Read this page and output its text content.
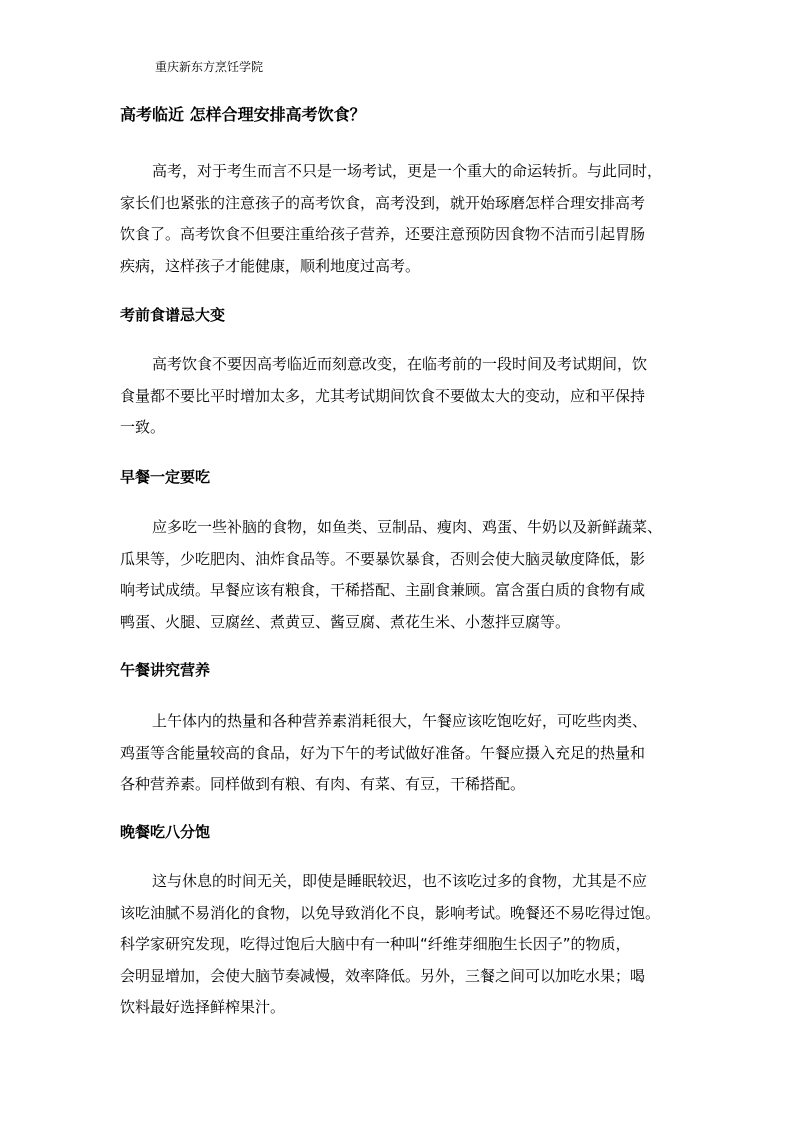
重庆新东方烹饪学院
高考临近 怎样合理安排高考饮食？
高考，对于考生而言不只是一场考试，更是一个重大的命运转折。与此同时，
家长们也紧张的注意孩子的高考饮食，高考没到，就开始琢磨怎样合理安排高考
饮食了。高考饮食不但要注重给孩子营养，还要注意预防因食物不洁而引起胃肠
疾病，这样孩子才能健康，顺利地度过高考。
考前食谱忌大变
高考饮食不要因高考临近而刻意改变，在临考前的一段时间及考试期间，饮
食量都不要比平时增加太多，尤其考试期间饮食不要做太大的变动，应和平保持
一致。
早餐一定要吃
应多吃一些补脑的食物，如鱼类、豆制品、瘦肉、鸡蛋、牛奶以及新鲜蔬菜、
瓜果等，少吃肥肉、油炸食品等。不要暴饮暴食，否则会使大脑灵敏度降低，影
响考试成绩。早餐应该有粮食，干稀搭配、主副食兼顾。富含蛋白质的食物有咸
鸭蛋、火腿、豆腐丝、煮黄豆、酱豆腐、煮花生米、小葱拌豆腐等。
午餐讲究营养
上午体内的热量和各种营养素消耗很大，午餐应该吃饱吃好，可吃些肉类、
鸡蛋等含能量较高的食品，好为下午的考试做好准备。午餐应摄入充足的热量和
各种营养素。同样做到有粮、有肉、有菜、有豆，干稀搭配。
晚餐吃八分饱
这与休息的时间无关，即使是睡眠较迟，也不该吃过多的食物，尤其是不应
该吃油腻不易消化的食物，以免导致消化不良，影响考试。晚餐还不易吃得过饱。
科学家研究发现，吃得过饱后大脑中有一种叫“纤维芽细胞生长因子”的物质，
会明显增加，会使大脑节奏减慢，效率降低。另外，三餐之间可以加吃水果；喝
饮料最好选择鲜榨果汁。
